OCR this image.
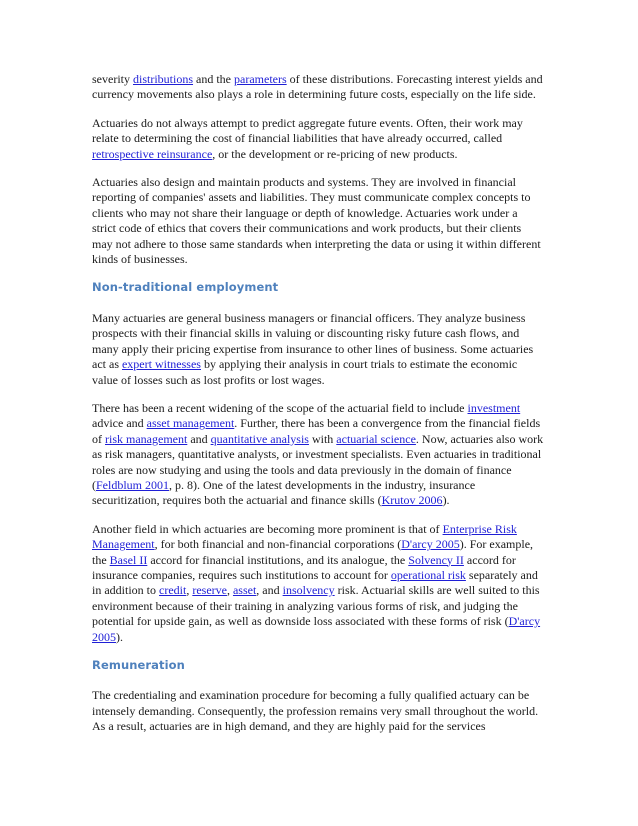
severity distributions and the parameters of these distributions. Forecasting interest yields and currency movements also plays a role in determining future costs, especially on the life side.

Actuaries do not always attempt to predict aggregate future events. Often, their work may relate to determining the cost of financial liabilities that have already occurred, called retrospective reinsurance, or the development or re-pricing of new products.

Actuaries also design and maintain products and systems. They are involved in financial reporting of companies' assets and liabilities. They must communicate complex concepts to clients who may not share their language or depth of knowledge. Actuaries work under a strict code of ethics that covers their communications and work products, but their clients may not adhere to those same standards when interpreting the data or using it within different kinds of businesses.

Non-traditional employment

Many actuaries are general business managers or financial officers. They analyze business prospects with their financial skills in valuing or discounting risky future cash flows, and many apply their pricing expertise from insurance to other lines of business. Some actuaries act as expert witnesses by applying their analysis in court trials to estimate the economic value of losses such as lost profits or lost wages.

There has been a recent widening of the scope of the actuarial field to include investment advice and asset management. Further, there has been a convergence from the financial fields of risk management and quantitative analysis with actuarial science. Now, actuaries also work as risk managers, quantitative analysts, or investment specialists. Even actuaries in traditional roles are now studying and using the tools and data previously in the domain of finance (Feldblum 2001, p. 8). One of the latest developments in the industry, insurance securitization, requires both the actuarial and finance skills (Krutov 2006).

Another field in which actuaries are becoming more prominent is that of Enterprise Risk Management, for both financial and non-financial corporations (D'arcy 2005). For example, the Basel II accord for financial institutions, and its analogue, the Solvency II accord for insurance companies, requires such institutions to account for operational risk separately and in addition to credit, reserve, asset, and insolvency risk. Actuarial skills are well suited to this environment because of their training in analyzing various forms of risk, and judging the potential for upside gain, as well as downside loss associated with these forms of risk (D'arcy 2005).

Remuneration

The credentialing and examination procedure for becoming a fully qualified actuary can be intensely demanding. Consequently, the profession remains very small throughout the world. As a result, actuaries are in high demand, and they are highly paid for the services
